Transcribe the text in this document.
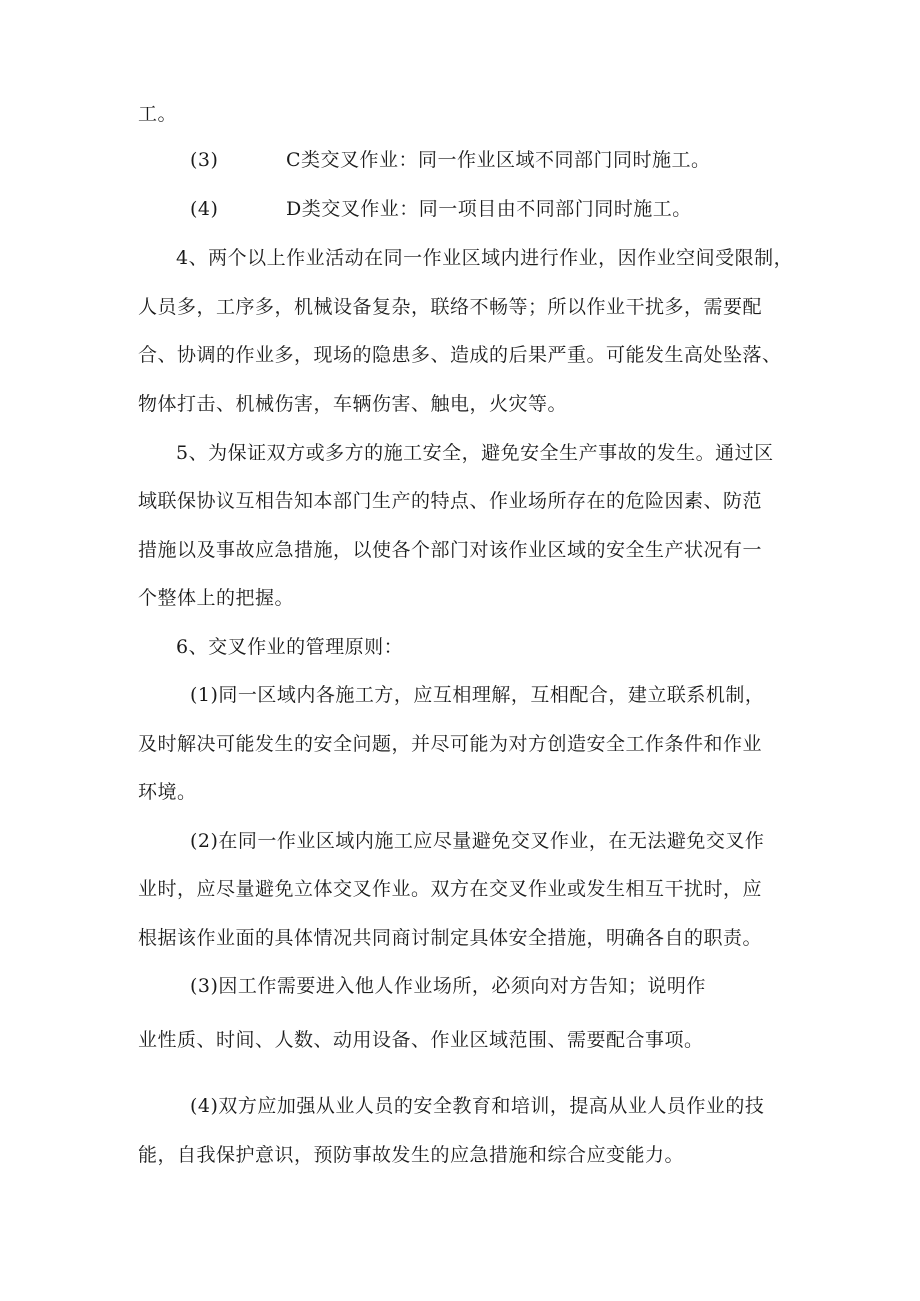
工。
(3)	C类交叉作业：同一作业区域不同部门同时施工。
(4)	D类交叉作业：同一项目由不同部门同时施工。
4、两个以上作业活动在同一作业区域内进行作业，因作业空间受限制，
人员多，工序多，机械设备复杂，联络不畅等；所以作业干扰多，需要配
合、协调的作业多，现场的隐患多、造成的后果严重。可能发生高处坠落、
物体打击、机械伤害，车辆伤害、触电，火灾等。
5、为保证双方或多方的施工安全，避免安全生产事故的发生。通过区
域联保协议互相告知本部门生产的特点、作业场所存在的危险因素、防范
措施以及事故应急措施，以使各个部门对该作业区域的安全生产状况有一
个整体上的把握。
6、交叉作业的管理原则：
(1)同一区域内各施工方，应互相理解，互相配合，建立联系机制，
及时解决可能发生的安全问题，并尽可能为对方创造安全工作条件和作业
环境。
(2)在同一作业区域内施工应尽量避免交叉作业，在无法避免交叉作
业时，应尽量避免立体交叉作业。双方在交叉作业或发生相互干扰时，应
根据该作业面的具体情况共同商讨制定具体安全措施，明确各自的职责。
(3)因工作需要进入他人作业场所，必须向对方告知；说明作
业性质、时间、人数、动用设备、作业区域范围、需要配合事项。
(4)双方应加强从业人员的安全教育和培训，提高从业人员作业的技
能，自我保护意识，预防事故发生的应急措施和综合应变能力。
